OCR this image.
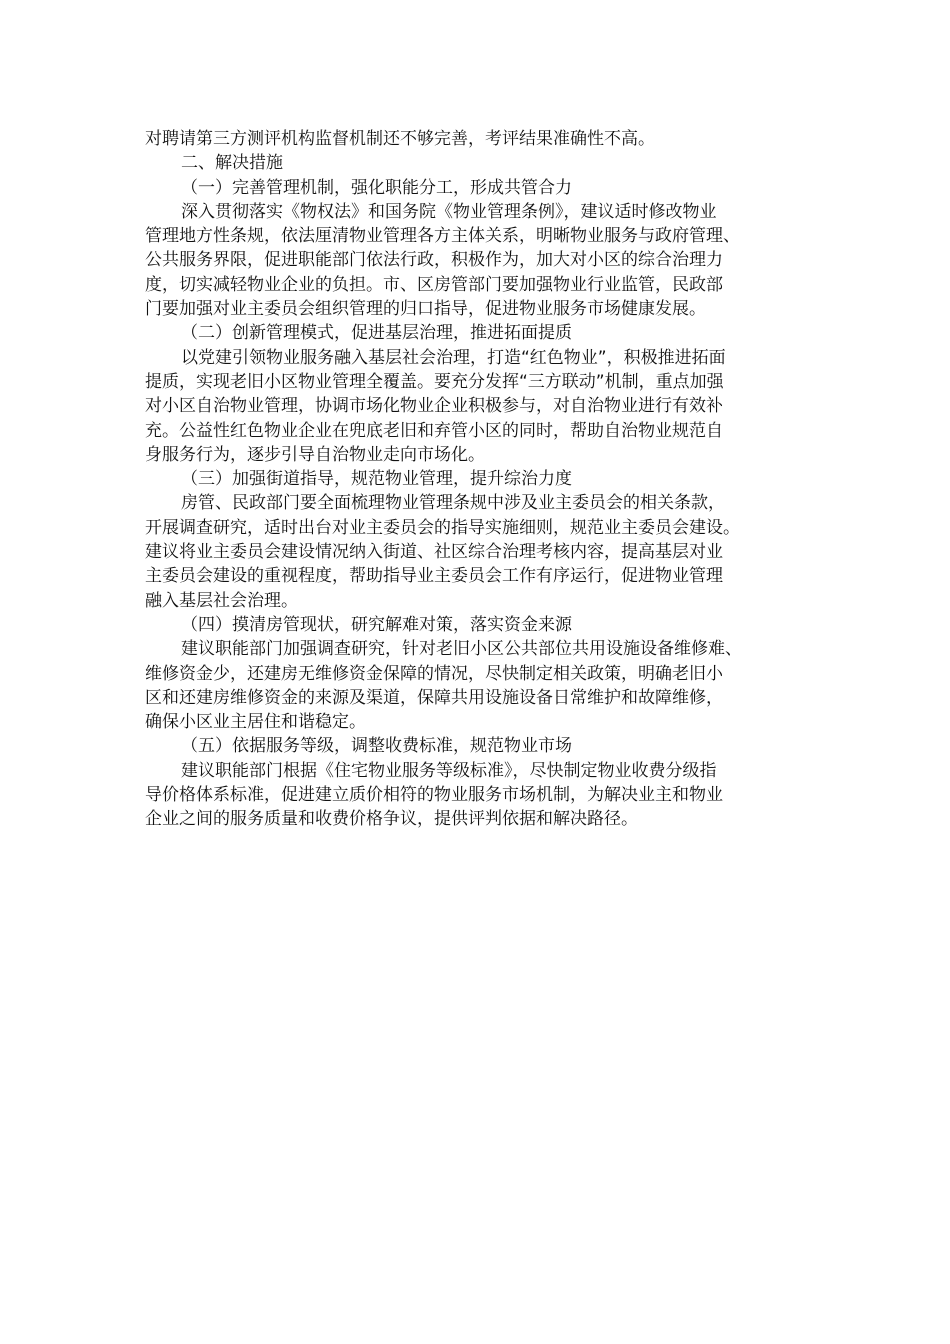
对聘请第三方测评机构监督机制还不够完善，考评结果准确性不高。
二、解决措施
（一）完善管理机制，强化职能分工，形成共管合力
深入贯彻落实《物权法》和国务院《物业管理条例》，建议适时修改物业
管理地方性条规，依法厘清物业管理各方主体关系，明晰物业服务与政府管理、
公共服务界限，促进职能部门依法行政，积极作为，加大对小区的综合治理力
度，切实减轻物业企业的负担。市、区房管部门要加强物业行业监管，民政部
门要加强对业主委员会组织管理的归口指导，促进物业服务市场健康发展。
（二）创新管理模式，促进基层治理，推进拓面提质
以党建引领物业服务融入基层社会治理，打造“红色物业”，积极推进拓面
提质，实现老旧小区物业管理全覆盖。要充分发挥“三方联动”机制，重点加强
对小区自治物业管理，协调市场化物业企业积极参与，对自治物业进行有效补
充。公益性红色物业企业在兜底老旧和弃管小区的同时，帮助自治物业规范自
身服务行为，逐步引导自治物业走向市场化。
（三）加强街道指导，规范物业管理，提升综治力度
房管、民政部门要全面梳理物业管理条规中涉及业主委员会的相关条款，
开展调查研究，适时出台对业主委员会的指导实施细则，规范业主委员会建设。
建议将业主委员会建设情况纳入街道、社区综合治理考核内容，提高基层对业
主委员会建设的重视程度，帮助指导业主委员会工作有序运行，促进物业管理
融入基层社会治理。
（四）摸清房管现状，研究解难对策，落实资金来源
建议职能部门加强调查研究，针对老旧小区公共部位共用设施设备维修难、
维修资金少，还建房无维修资金保障的情况，尽快制定相关政策，明确老旧小
区和还建房维修资金的来源及渠道，保障共用设施设备日常维护和故障维修，
确保小区业主居住和谐稳定。
（五）依据服务等级，调整收费标准，规范物业市场
建议职能部门根据《住宅物业服务等级标准》，尽快制定物业收费分级指
导价格体系标准，促进建立质价相符的物业服务市场机制，为解决业主和物业
企业之间的服务质量和收费价格争议，提供评判依据和解决路径。
